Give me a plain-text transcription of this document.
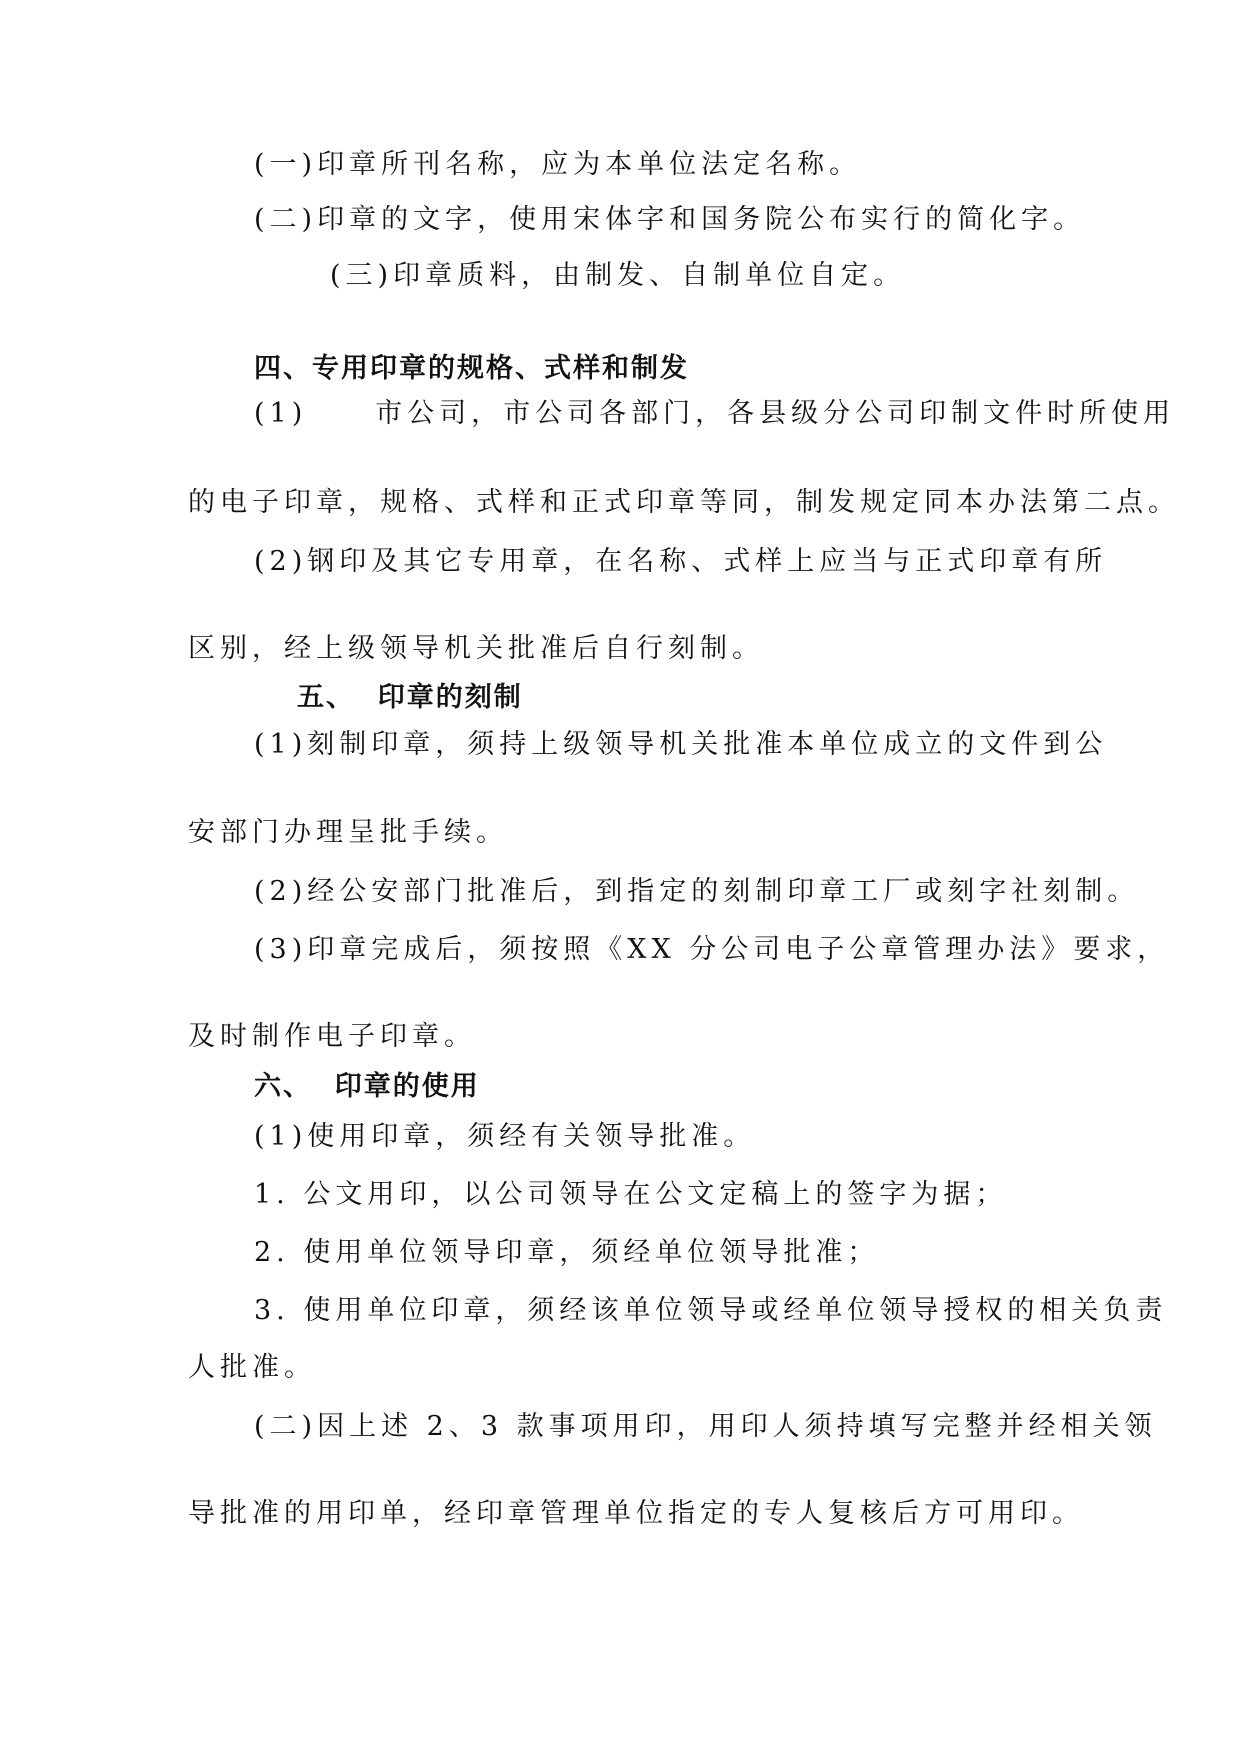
(一)印章所刊名称，应为本单位法定名称。
(二)印章的文字，使用宋体字和国务院公布实行的简化字。
(三)印章质料，由制发、自制单位自定。
四、专用印章的规格、式样和制发
(1)     市公司，市公司各部门，各县级分公司印制文件时所使用
的电子印章，规格、式样和正式印章等同，制发规定同本办法第二点。
(2)钢印及其它专用章，在名称、式样上应当与正式印章有所
区别，经上级领导机关批准后自行刻制。
五、  印章的刻制
(1)刻制印章，须持上级领导机关批准本单位成立的文件到公
安部门办理呈批手续。
(2)经公安部门批准后，到指定的刻制印章工厂或刻字社刻制。
(3)印章完成后，须按照《XX 分公司电子公章管理办法》要求，
及时制作电子印章。
六、  印章的使用
(1)使用印章，须经有关领导批准。
1. 公文用印，以公司领导在公文定稿上的签字为据；
2. 使用单位领导印章，须经单位领导批准；
3. 使用单位印章，须经该单位领导或经单位领导授权的相关负责
人批准。
(二)因上述 2、3 款事项用印，用印人须持填写完整并经相关领
导批准的用印单，经印章管理单位指定的专人复核后方可用印。
